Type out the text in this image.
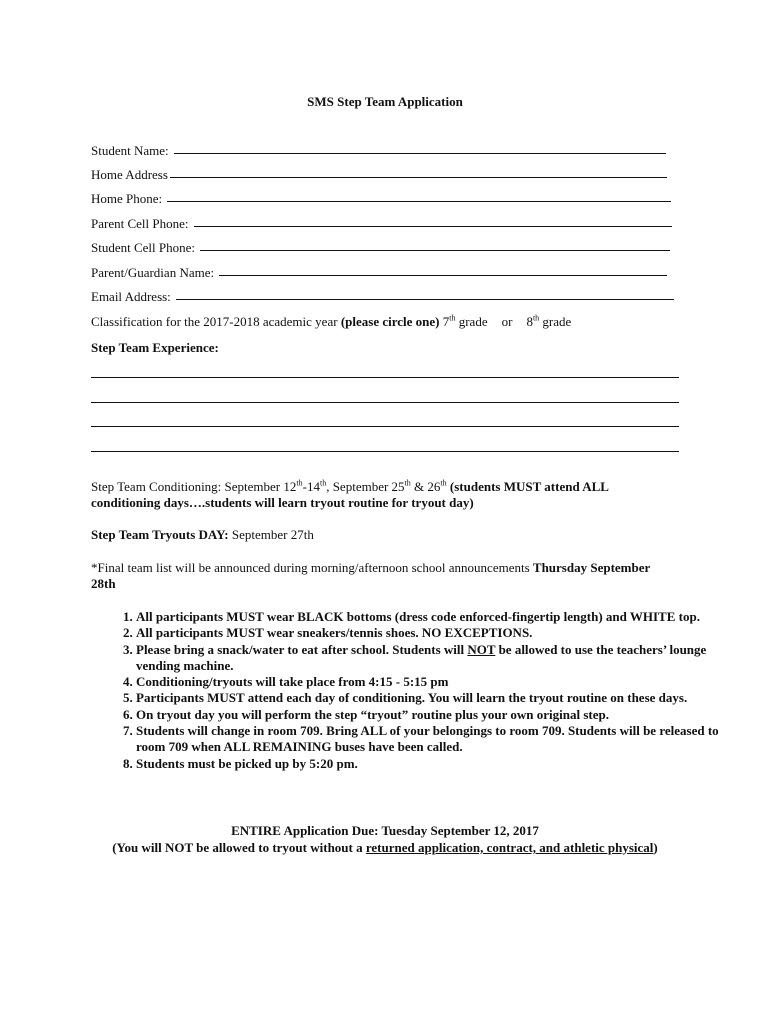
SMS Step Team Application
Student Name:
Home Address
Home Phone:
Parent Cell Phone:
Student Cell Phone:
Parent/Guardian Name:
Email Address:
Classification for the 2017-2018 academic year (please circle one) 7th grade or 8th grade
Step Team Experience:
Step Team Conditioning: September 12th-14th, September 25th & 26th (students MUST attend ALL conditioning days….students will learn tryout routine for tryout day)
Step Team Tryouts DAY: September 27th
*Final team list will be announced during morning/afternoon school announcements Thursday September 28th
1. All participants MUST wear BLACK bottoms (dress code enforced-fingertip length) and WHITE top.
2. All participants MUST wear sneakers/tennis shoes. NO EXCEPTIONS.
3. Please bring a snack/water to eat after school. Students will NOT be allowed to use the teachers’ lounge vending machine.
4. Conditioning/tryouts will take place from 4:15 - 5:15 pm
5. Participants MUST attend each day of conditioning. You will learn the tryout routine on these days.
6. On tryout day you will perform the step “tryout” routine plus your own original step.
7. Students will change in room 709. Bring ALL of your belongings to room 709. Students will be released to room 709 when ALL REMAINING buses have been called.
8. Students must be picked up by 5:20 pm.
ENTIRE Application Due: Tuesday September 12, 2017
(You will NOT be allowed to tryout without a returned application, contract, and athletic physical)
